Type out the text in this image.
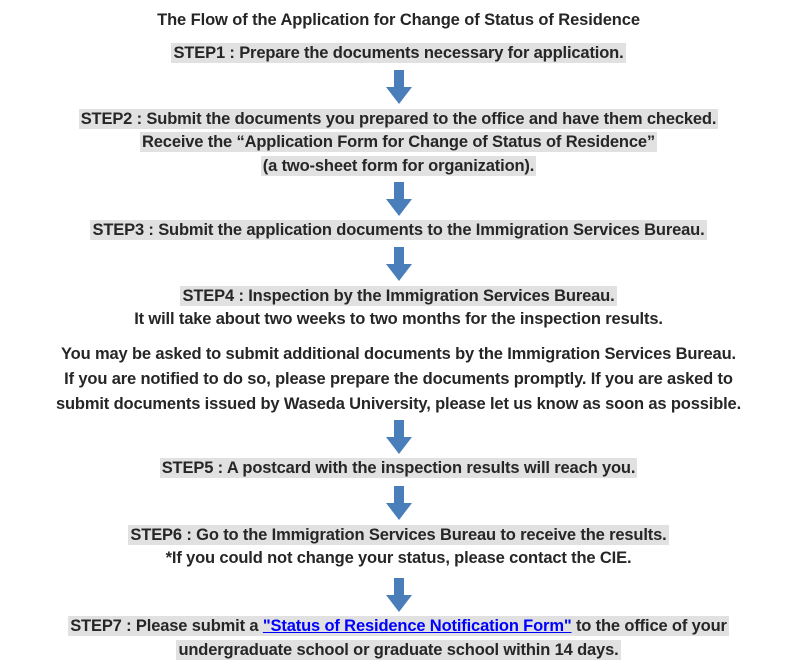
The Flow of the Application for Change of Status of Residence
STEP1 : Prepare the documents necessary for application.
STEP2 : Submit the documents you prepared to the office and have them checked.
Receive the “Application Form for Change of Status of Residence”
(a two-sheet form for organization).
STEP3 : Submit the application documents to the Immigration Services Bureau.
STEP4 : Inspection by the Immigration Services Bureau.
It will take about two weeks to two months for the inspection results.
You may be asked to submit additional documents by the Immigration Services Bureau.
If you are notified to do so, please prepare the documents promptly. If you are asked to
submit documents issued by Waseda University, please let us know as soon as possible.
STEP5 : A postcard with the inspection results will reach you.
STEP6 : Go to the Immigration Services Bureau to receive the results.
*If you could not change your status, please contact the CIE.
STEP7 : Please submit a "Status of Residence Notification Form" to the office of your
undergraduate school or graduate school within 14 days.
